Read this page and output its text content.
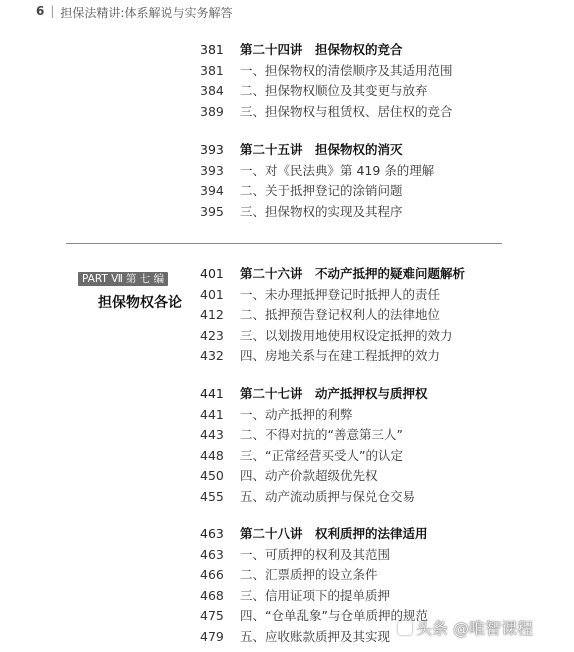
6 | 担保法精讲:体系解说与实务解答
381	第二十四讲　担保物权的竞合
381	一、担保物权的清偿顺序及其适用范围
384	二、担保物权顺位及其变更与放弃
389	三、担保物权与租赁权、居住权的竞合
393	第二十五讲　担保物权的消灭
393	一、对《民法典》第 419 条的理解
394	二、关于抵押登记的涂销问题
395	三、担保物权的实现及其程序
PART Ⅶ 第 七 编
担保物权各论
401	第二十六讲　不动产抵押的疑难问题解析
401	一、未办理抵押登记时抵押人的责任
412	二、抵押预告登记权利人的法律地位
423	三、以划拨用地使用权设定抵押的效力
432	四、房地关系与在建工程抵押的效力
441	第二十七讲　动产抵押权与质押权
441	一、动产抵押的利弊
443	二、不得对抗的“善意第三人”
448	三、“正常经营买受人”的认定
450	四、动产价款超级优先权
455	五、动产流动质押与保兑仓交易
463	第二十八讲　权利质押的法律适用
463	一、可质押的权利及其范围
466	二、汇票质押的设立条件
468	三、信用证项下的提单质押
475	四、“仓单乱象”与仓单质押的规范
479	五、应收账款质押及其实现	头条 @唯智课程
